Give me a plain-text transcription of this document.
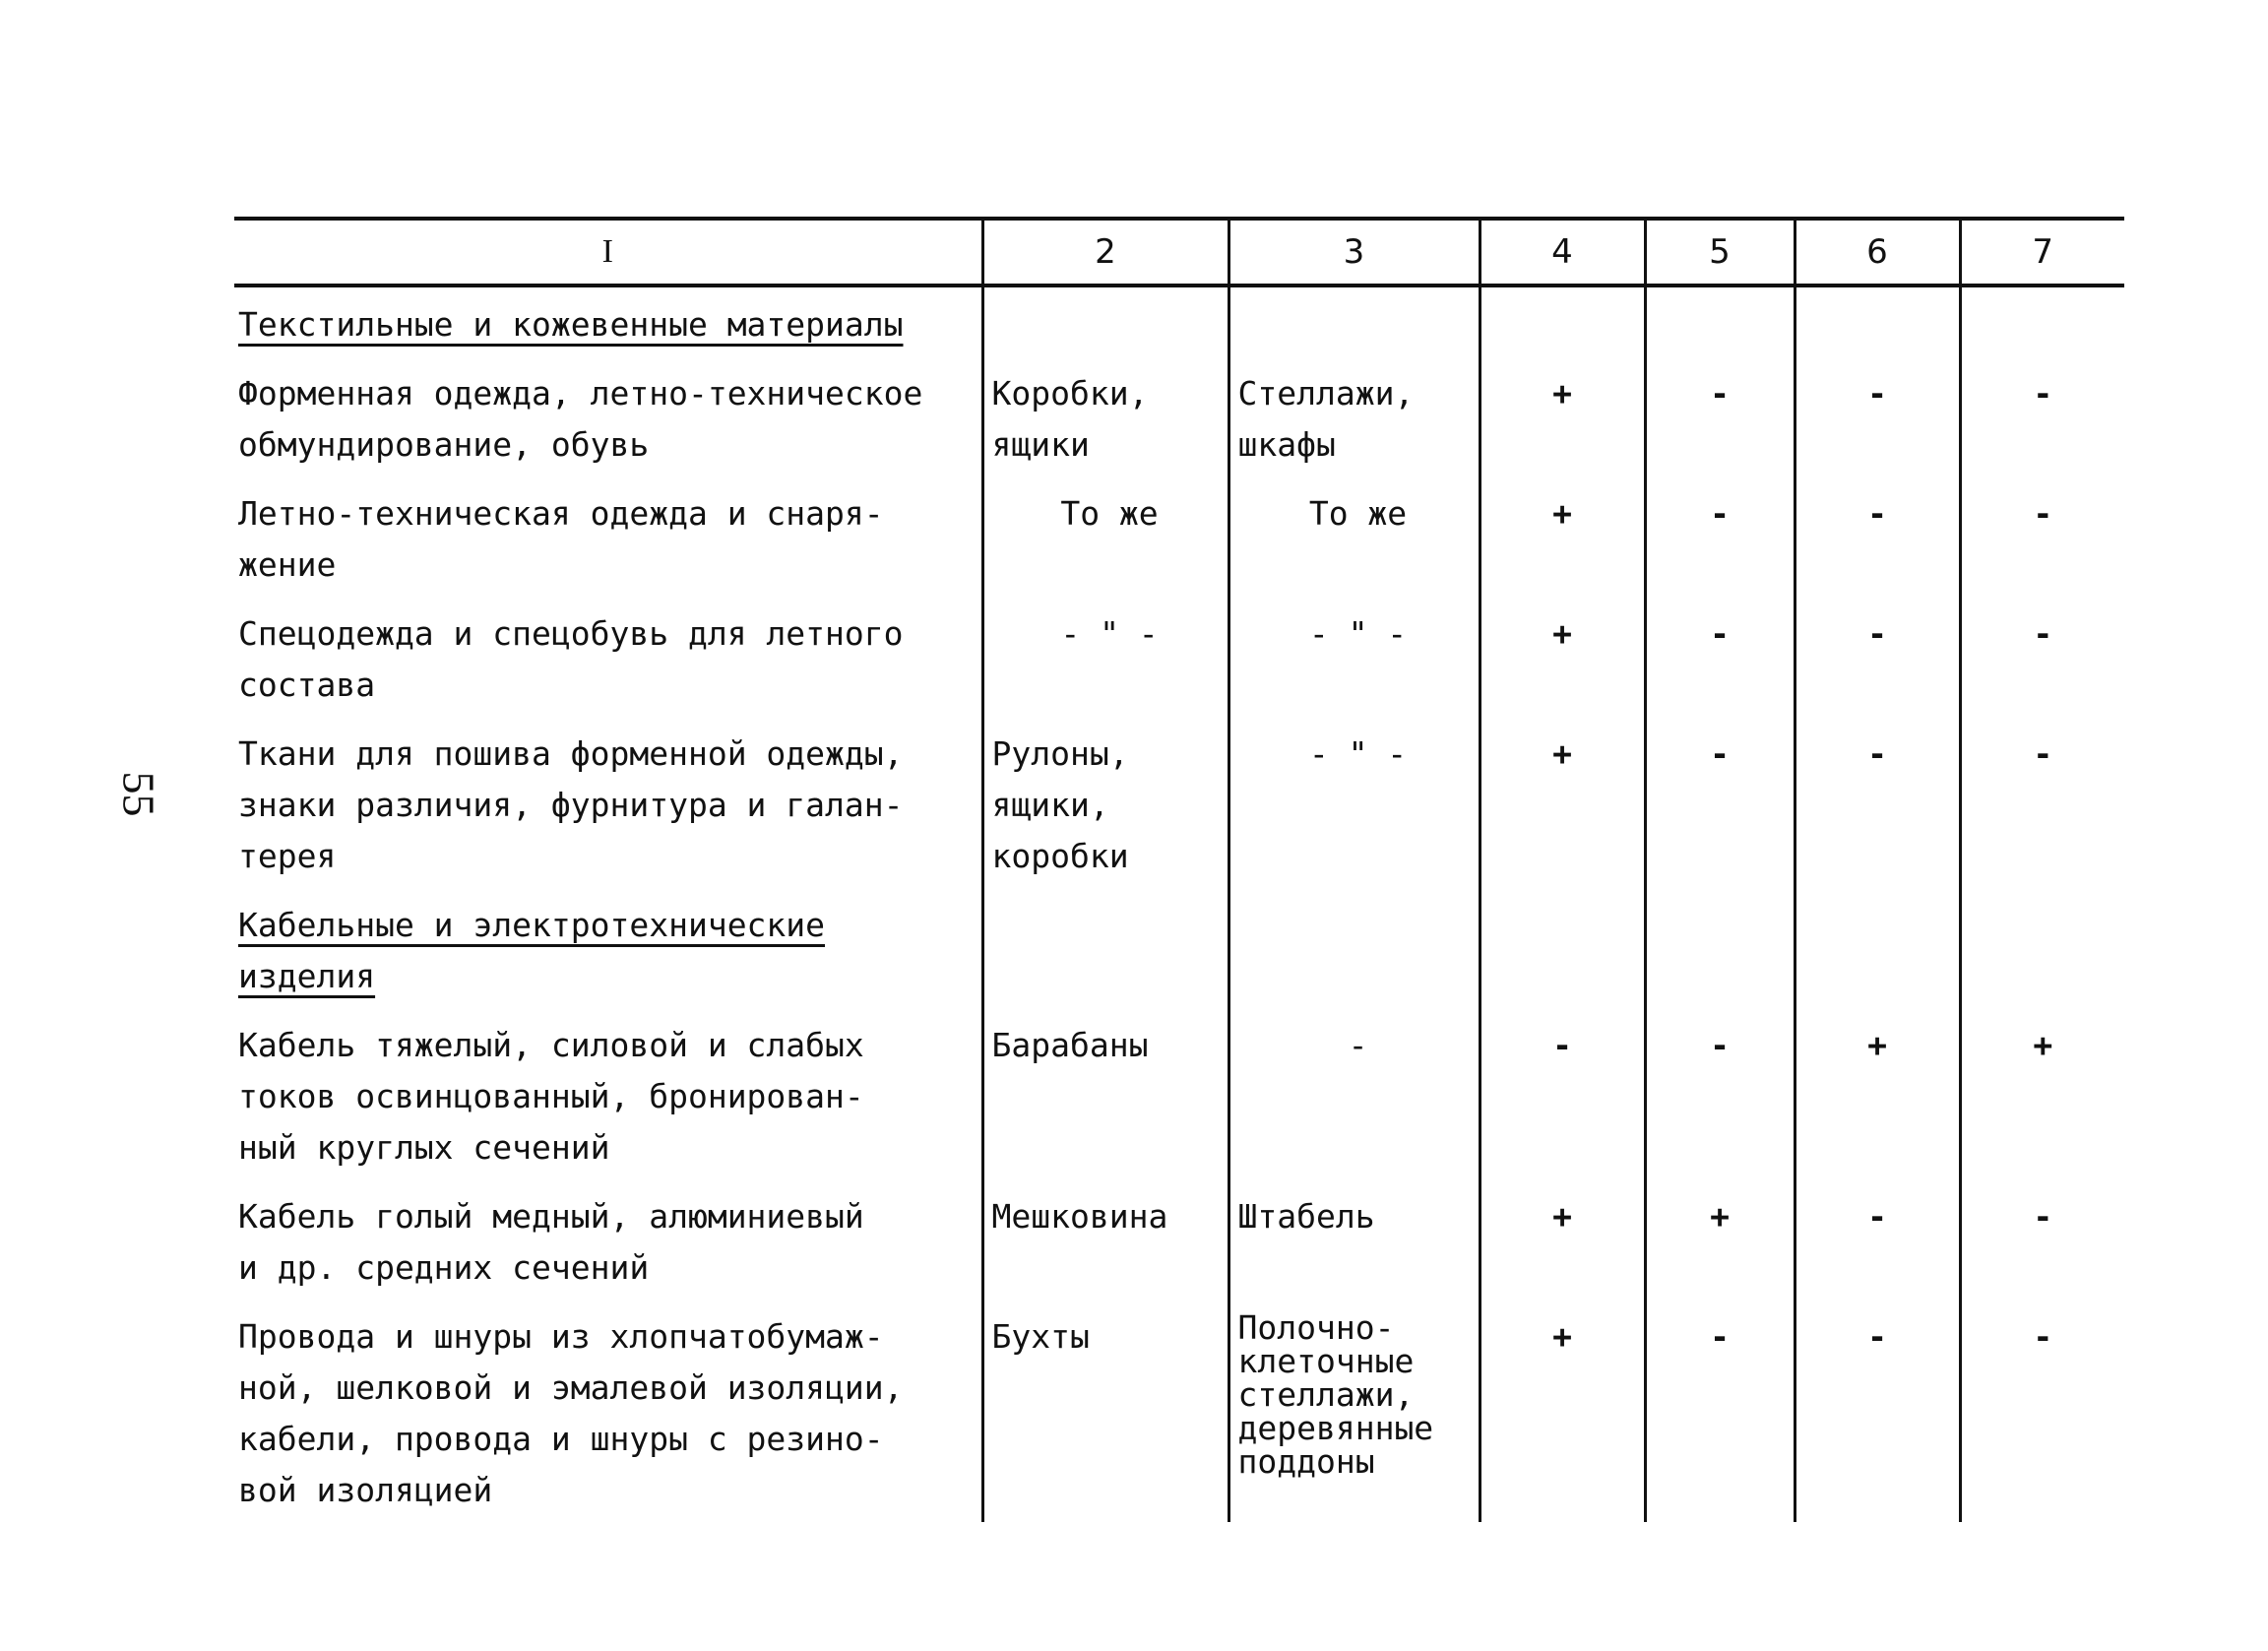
55
I	2	3	4	5	6	7

Текстильные и кожевенные материалы						

Форменная одежда, летно-техническое
обмундирование, обувь	Коробки,
ящики	Стеллажи,
шкафы	+	-	-	-

Летно-техническая одежда и снаря-
жение	То же	То же	+	-	-	-

Спецодежда и спецобувь для летного
состава	- " -	- " -	+	-	-	-

Ткани для пошива форменной одежды,
знаки различия, фурнитура и галан-
терея	Рулоны,
ящики,
коробки	- " -	+	-	-	-

Кабельные и электротехнические
изделия						

Кабель тяжелый, силовой и слабых
токов освинцованный, бронирован-
ный круглых сечений	Барабаны	-	-	-	+	+

Кабель голый медный, алюминиевый
и др. средних сечений	Мешковина	Штабель	+	+	-	-

Провода и шнуры из хлопчатобумаж-
ной, шелковой и эмалевой изоляции,
кабели, провода и шнуры с резино-
вой изоляцией	Бухты	Полочно-
клеточные
стеллажи,
деревянные
поддоны	+	-	-	-
